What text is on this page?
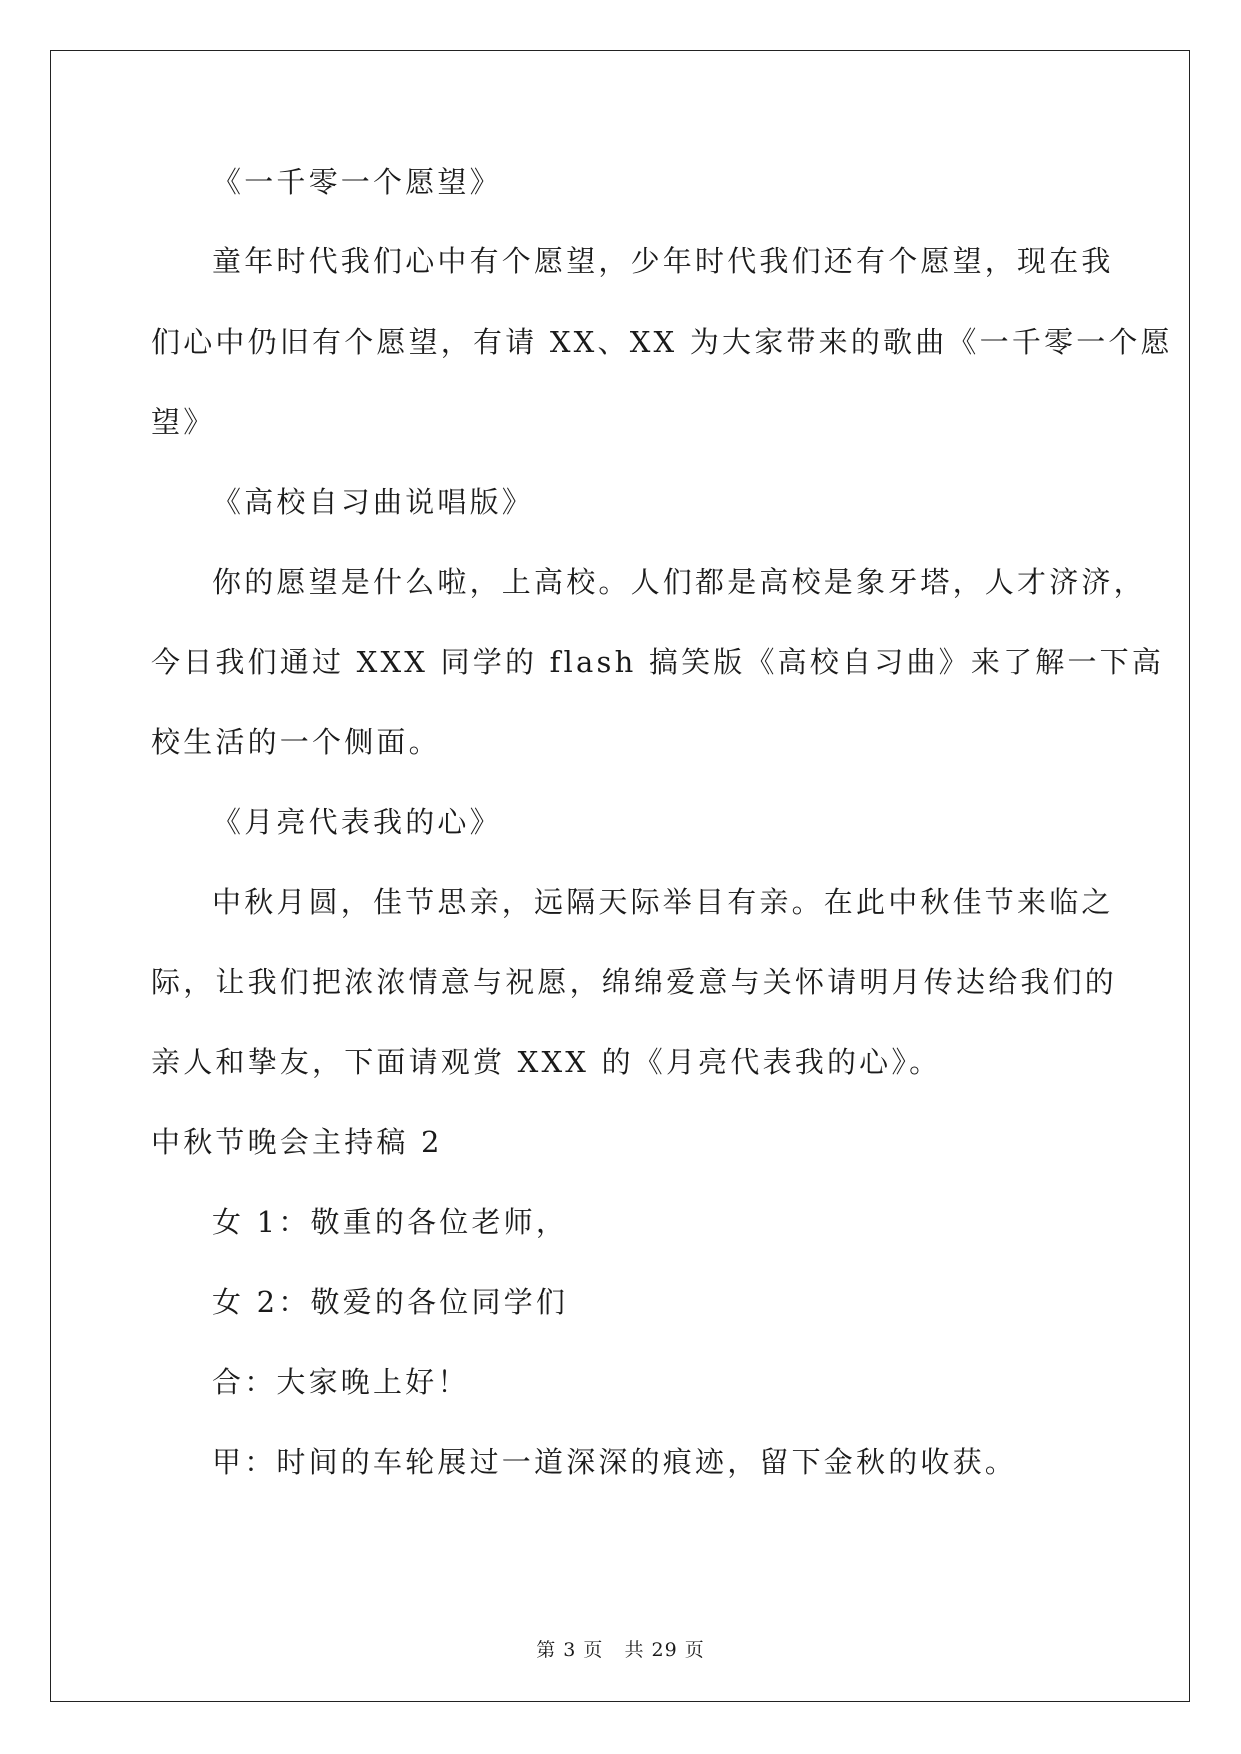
《一千零一个愿望》
童年时代我们心中有个愿望，少年时代我们还有个愿望，现在我
们心中仍旧有个愿望，有请 XX、XX 为大家带来的歌曲《一千零一个愿
望》
《高校自习曲说唱版》
你的愿望是什么啦，上高校。人们都是高校是象牙塔，人才济济，
今日我们通过 XXX 同学的 flash 搞笑版《高校自习曲》来了解一下高
校生活的一个侧面。
《月亮代表我的心》
中秋月圆，佳节思亲，远隔天际举目有亲。在此中秋佳节来临之
际，让我们把浓浓情意与祝愿，绵绵爱意与关怀请明月传达给我们的
亲人和挚友，下面请观赏 XXX 的《月亮代表我的心》。
中秋节晚会主持稿 2
女 1：敬重的各位老师，
女 2：敬爱的各位同学们
合：大家晚上好！
甲：时间的车轮展过一道深深的痕迹，留下金秋的收获。
第 3 页   共 29 页
